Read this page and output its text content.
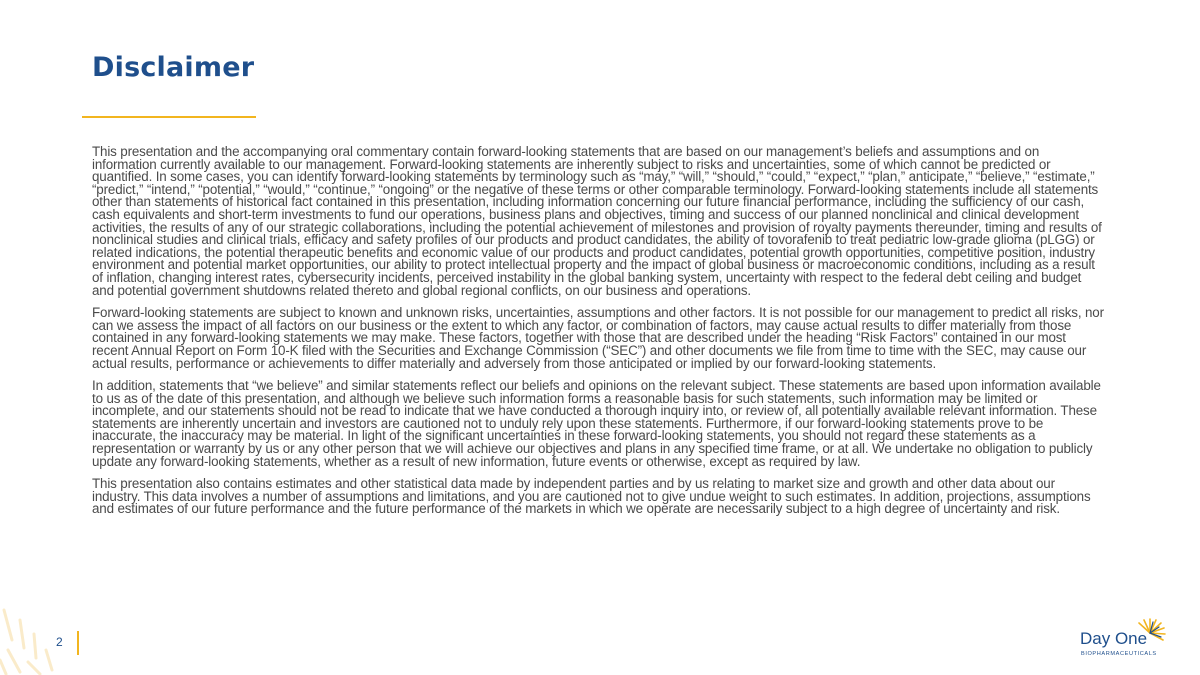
Disclaimer

This presentation and the accompanying oral commentary contain forward-looking statements that are based on our management’s beliefs and assumptions and on information currently available to our management. Forward-looking statements are inherently subject to risks and uncertainties, some of which cannot be predicted or quantified. In some cases, you can identify forward-looking statements by terminology such as “may,” “will,” “should,” “could,” “expect,” “plan,” anticipate,” “believe,” “estimate,” “predict,” “intend,” “potential,” “would,” “continue,” “ongoing” or the negative of these terms or other comparable terminology. Forward-looking statements include all statements other than statements of historical fact contained in this presentation, including information concerning our future financial performance, including the sufficiency of our cash, cash equivalents and short-term investments to fund our operations, business plans and objectives, timing and success of our planned nonclinical and clinical development activities, the results of any of our strategic collaborations, including the potential achievement of milestones and provision of royalty payments thereunder, timing and results of nonclinical studies and clinical trials, efficacy and safety profiles of our products and product candidates, the ability of tovorafenib to treat pediatric low-grade glioma (pLGG) or related indications, the potential therapeutic benefits and economic value of our products and product candidates, potential growth opportunities, competitive position, industry environment and potential market opportunities, our ability to protect intellectual property and the impact of global business or macroeconomic conditions, including as a result of inflation, changing interest rates, cybersecurity incidents, perceived instability in the global banking system, uncertainty with respect to the federal debt ceiling and budget and potential government shutdowns related thereto and global regional conflicts, on our business and operations.

Forward-looking statements are subject to known and unknown risks, uncertainties, assumptions and other factors. It is not possible for our management to predict all risks, nor can we assess the impact of all factors on our business or the extent to which any factor, or combination of factors, may cause actual results to differ materially from those contained in any forward-looking statements we may make. These factors, together with those that are described under the heading “Risk Factors” contained in our most recent Annual Report on Form 10-K filed with the Securities and Exchange Commission (“SEC”) and other documents we file from time to time with the SEC, may cause our actual results, performance or achievements to differ materially and adversely from those anticipated or implied by our forward-looking statements.

In addition, statements that “we believe” and similar statements reflect our beliefs and opinions on the relevant subject. These statements are based upon information available to us as of the date of this presentation, and although we believe such information forms a reasonable basis for such statements, such information may be limited or incomplete, and our statements should not be read to indicate that we have conducted a thorough inquiry into, or review of, all potentially available relevant information. These statements are inherently uncertain and investors are cautioned not to unduly rely upon these statements. Furthermore, if our forward-looking statements prove to be inaccurate, the inaccuracy may be material. In light of the significant uncertainties in these forward-looking statements, you should not regard these statements as a representation or warranty by us or any other person that we will achieve our objectives and plans in any specified time frame, or at all. We undertake no obligation to publicly update any forward-looking statements, whether as a result of new information, future events or otherwise, except as required by law.

This presentation also contains estimates and other statistical data made by independent parties and by us relating to market size and growth and other data about our industry. This data involves a number of assumptions and limitations, and you are cautioned not to give undue weight to such estimates. In addition, projections, assumptions and estimates of our future performance and the future performance of the markets in which we operate are necessarily subject to a high degree of uncertainty and risk.

2	Day One
BIOPHARMACEUTICALS
